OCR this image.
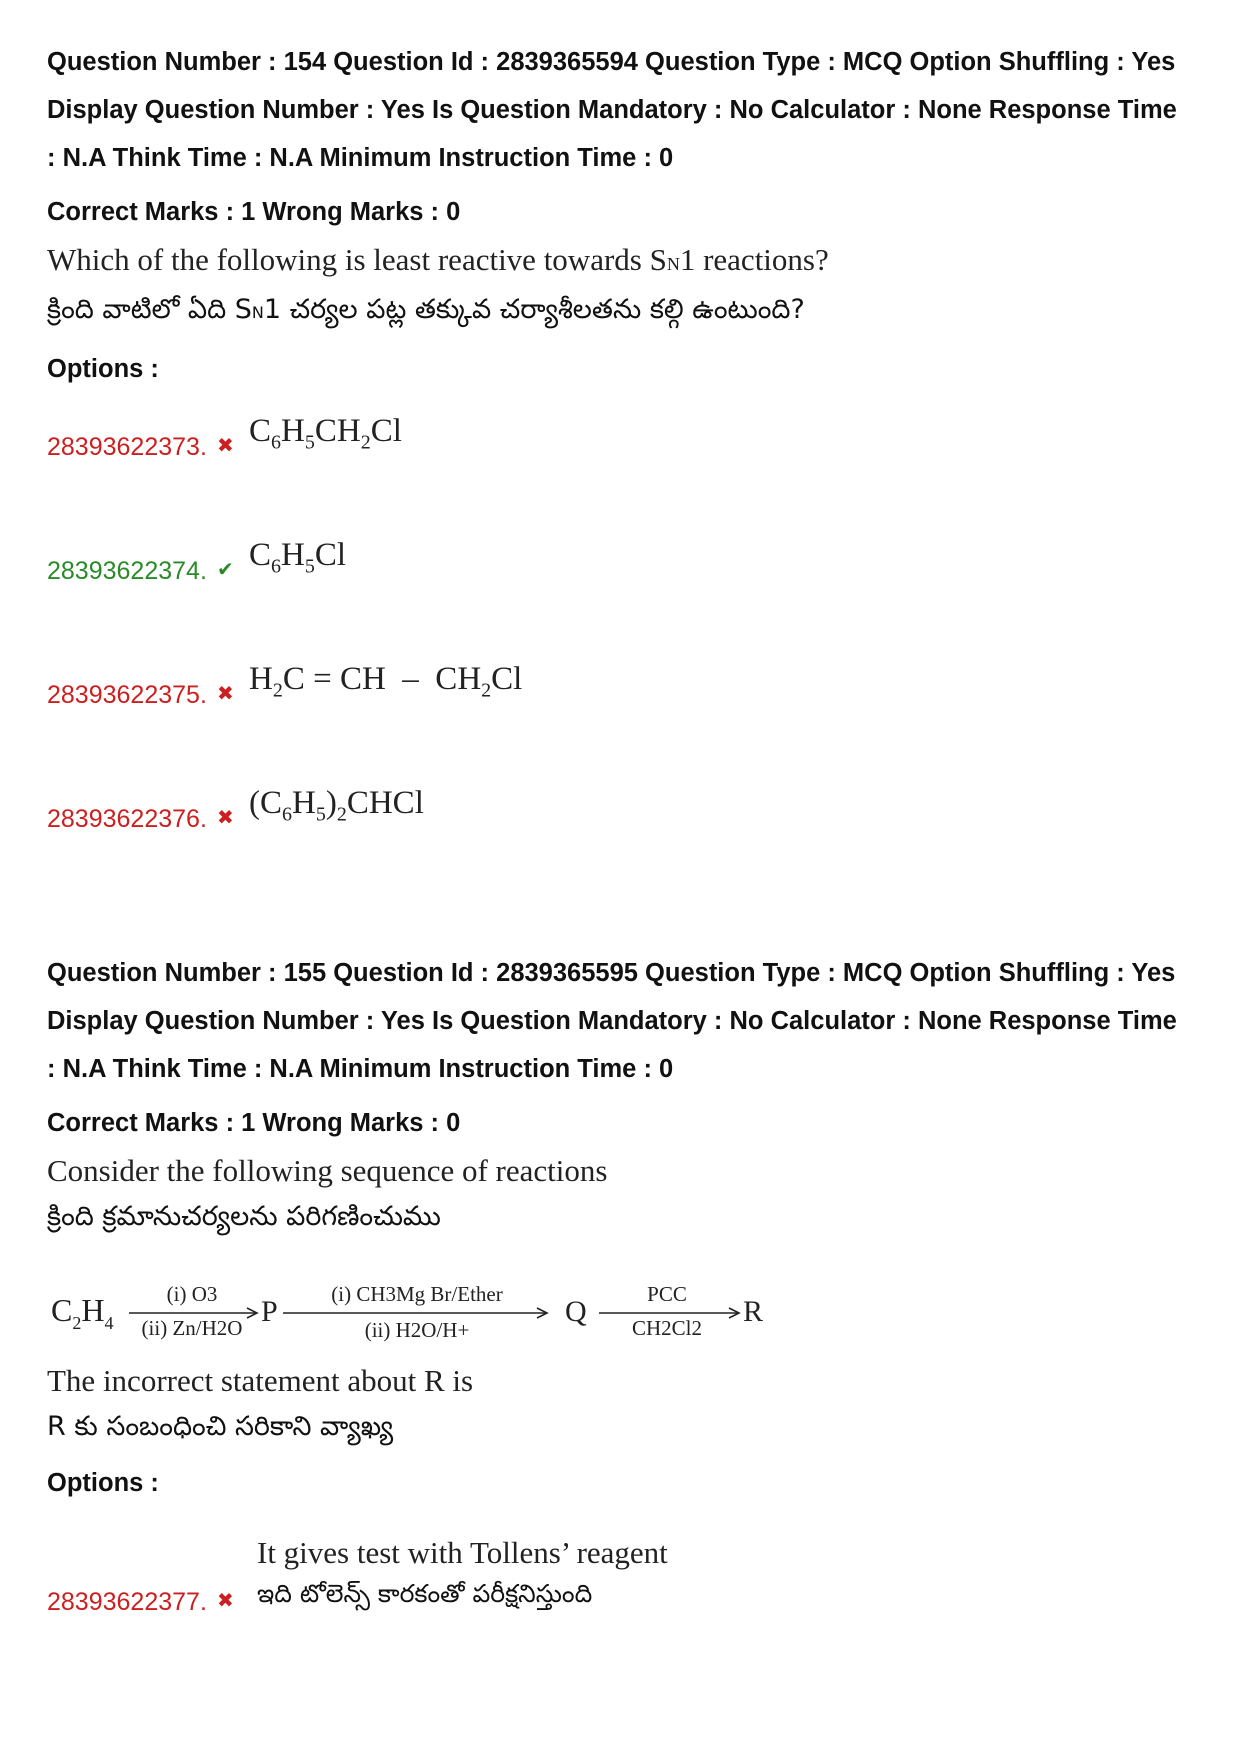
Question Number : 154 Question Id : 2839365594 Question Type : MCQ Option Shuffling : Yes

Display Question Number : Yes Is Question Mandatory : No Calculator : None Response Time

: N.A Think Time : N.A Minimum Instruction Time : 0

Correct Marks : 1 Wrong Marks : 0

Which of the following is least reactive towards SN1 reactions?
క్రింది వాటిలో ఏది SN1 చర్యల పట్ల తక్కువ చర్యాశీలతను కల్గి ఉంటుంది?

Options :

28393622373. ✖ $C_6H_5CH_2Cl$
28393622374. ✔ $C_6H_5Cl$
28393622375. ✖ $H_2C$ = CH  –  $CH_2Cl$
28393622376. ✖ $(C_6H_5)_2CHCl$

Question Number : 155 Question Id : 2839365595 Question Type : MCQ Option Shuffling : Yes

Display Question Number : Yes Is Question Mandatory : No Calculator : None Response Time

: N.A Think Time : N.A Minimum Instruction Time : 0

Correct Marks : 1 Wrong Marks : 0

Consider the following sequence of reactions
క్రింది క్రమానుచర్యలను పరిగణించుము
$C_2H_4$
(i) O3
(ii) Zn/H2O P
(i) CH3Mg Br/Ether
(ii) H2O/H+
Q
PCC
CH2Cl2 R
The incorrect statement about R is
R కు సంబంధించి సరికాని వ్యాఖ్య

Options :

28393622377. ✖
It gives test with Tollens’ reagent
ఇది టోలెన్స్ కారకంతో పరీక్షనిస్తుంది
